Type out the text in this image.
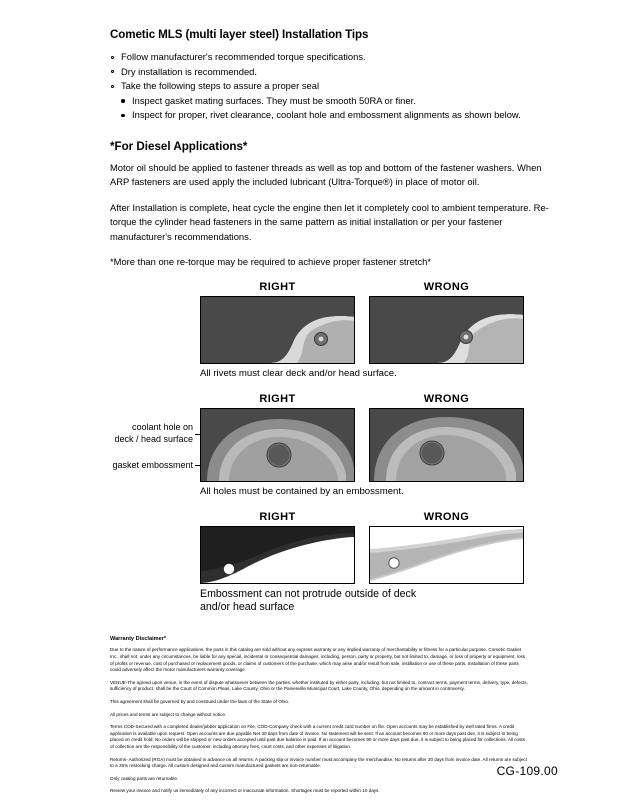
Cometic MLS (multi layer steel) Installation Tips
Follow manufacturer's recommended torque specifications.
Dry installation is recommended.
Take the following steps to assure a proper seal
Inspect gasket mating surfaces. They must be smooth 50RA or finer.
Inspect for proper, rivet clearance, coolant hole and embossment alignments as shown below.
*For Diesel Applications*

Motor oil should be applied to fastener threads as well as top and bottom of the fastener washers. When ARP fasteners are used apply the included lubricant (Ultra-Torque®) in place of motor oil.

After Installation is complete, heat cycle the engine then let it completely cool to ambient temperature. Re-torque the cylinder head fasteners in the same pattern as initial installation or per your fastener manufacturer's recommendations.

*More than one re-torque may be required to achieve proper fastener stretch*

RIGHT	WRONG
All rivets must clear deck and/or head surface.
coolant hole on
deck / head surface
gasket embossment
RIGHT	WRONG
All holes must be contained by an embossment.
RIGHT	WRONG
Embossment can not protrude outside of deck
and/or head surface
Warranty Disclaimer*

Due to the nature of performance applications, the parts in this catalog are sold without any express warranty or any implied warranty of merchantability or fitness for a particular purpose. Cometic Gasket Inc., shall not, under any circumstances, be liable for any special, incidental or consequential damages, including, person, party or property, but not limited to, damage, or loss of property or equipment, loss of profits or revenue, cost of purchased or replacement goods, or claims of customers of the purchase, which may arise and/or result from sale, instillation or use of these parts. Installation of these parts could adversely affect the motor manufacturers warranty coverage.

VENUE-The agreed upon venue, in the event of dispute whatsoever between the parties, whether instituted by either party, including, but not limited to, contract terms, payment terms, delivery, type, defects, sufficiency of product, shall be the Court of Common Pleas, Lake County, Ohio or the Painesville Municipal Court, Lake County, Ohio, depending on the amount in controversy.

This agreement shall be governed by and construed under the laws of the State of Ohio.

All prices and terms are subject to change without notice.

Terms COD-Secured with a completed dealer/jobber application on File, COD-Company check with a current credit card number on file. Open accounts may be established by well rated firms. A credit application is available upon request. Open accounts are due payable Net 30 days from date of invoice. No statement will be sent. If an account becomes 60 or more days past due, it is subject to being placed on credit hold. No orders will be shipped or new orders accepted until past due balance is paid. If an account becomes 90 or more days past due, it is subject to being placed for collections. All costs of collection are the responsibility of the customer, including attorney fees, court costs, and other expenses of litigation.

Returns- Authorized (RGA) must be obtained in advance on all returns. A packing slip or invoice number must accompany the merchandise. No returns after 30 days from invoice date. All returns are subject to a 25% restocking charge. All custom designed and custom manufactured gaskets are non-returnable.

Only catalog parts are returnable.

Review your invoice and notify us immediately of any incorrect or inaccurate information. Shortages must be reported within 10 days.

CG-109.00
